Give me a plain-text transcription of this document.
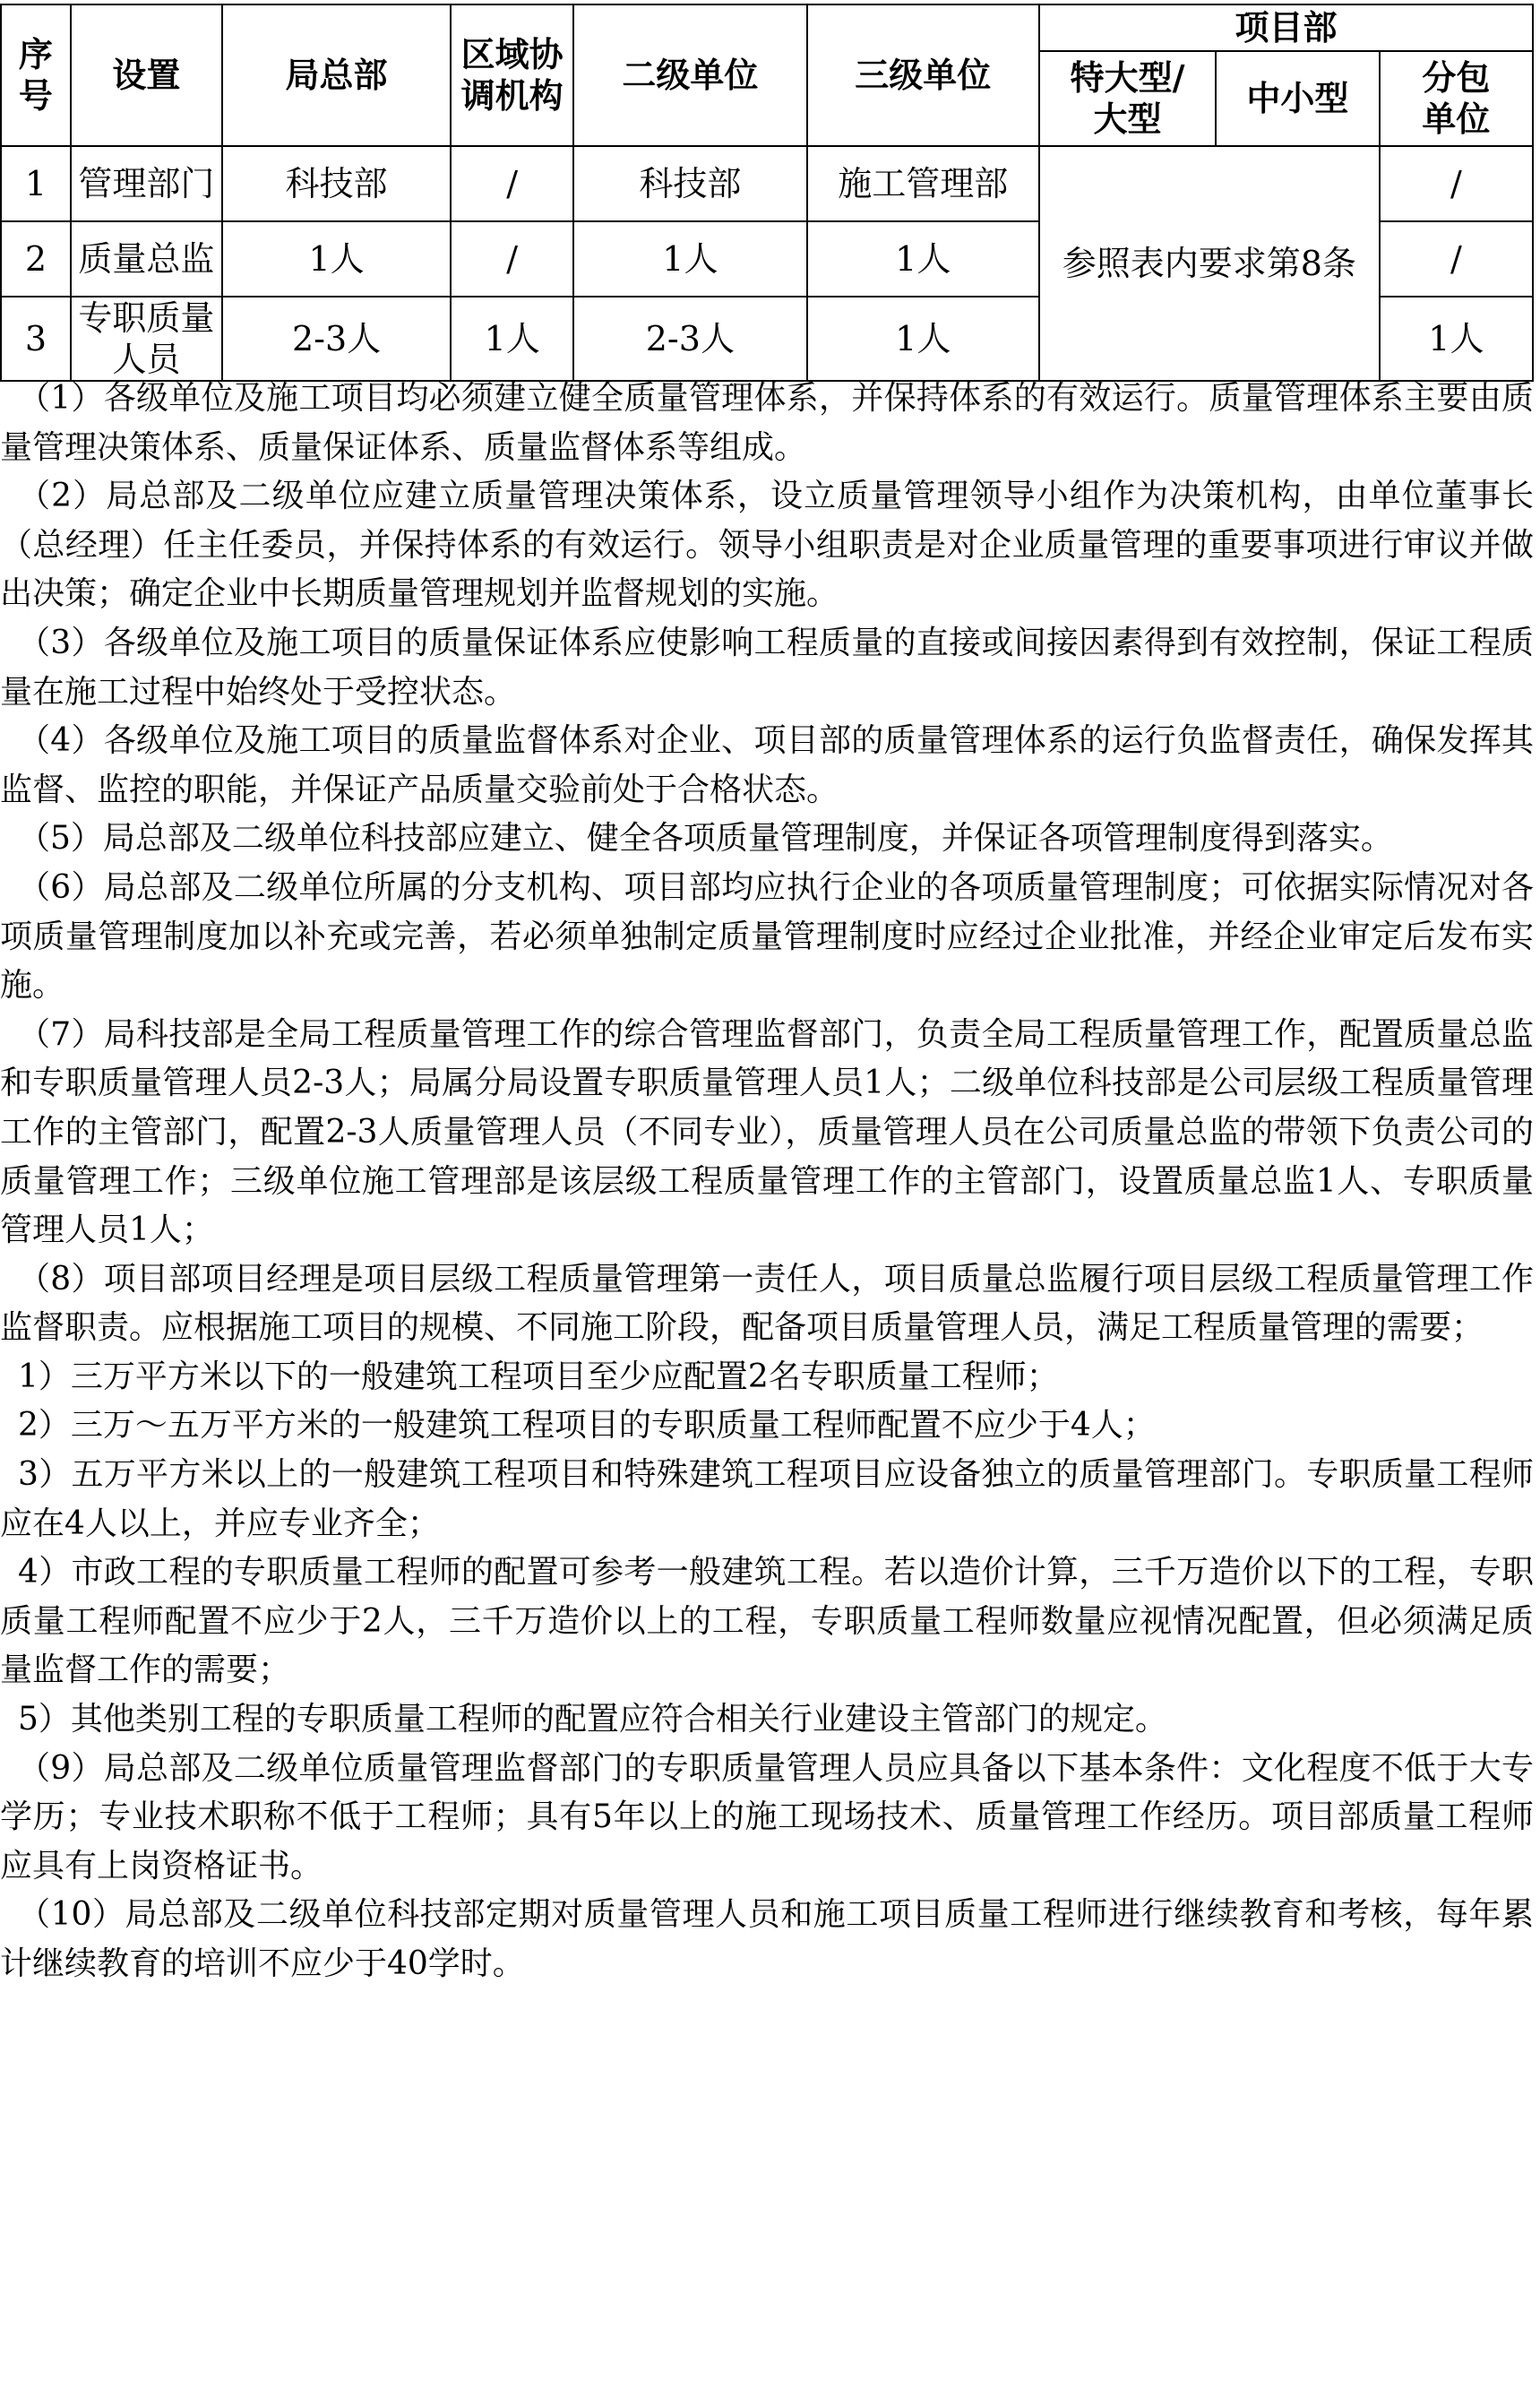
序号	设置	局总部	区域协调机构	二级单位	三级单位	项目部		
						特大型/大型	中小型	分包单位
1	管理部门	科技部	/	科技部	施工管理部	参照表内要求第8条		/
2	质量总监	1人	/	1人	1人			/
3	专职质量人员	2-3人	1人	2-3人	1人			1人

（1）各级单位及施工项目均必须建立健全质量管理体系，并保持体系的有效运行。质量管理体系主要由质量管理决策体系、质量保证体系、质量监督体系等组成。

（2）局总部及二级单位应建立质量管理决策体系，设立质量管理领导小组作为决策机构，由单位董事长（总经理）任主任委员，并保持体系的有效运行。领导小组职责是对企业质量管理的重要事项进行审议并做出决策；确定企业中长期质量管理规划并监督规划的实施。

（3）各级单位及施工项目的质量保证体系应使影响工程质量的直接或间接因素得到有效控制，保证工程质量在施工过程中始终处于受控状态。

（4）各级单位及施工项目的质量监督体系对企业、项目部的质量管理体系的运行负监督责任，确保发挥其监督、监控的职能，并保证产品质量交验前处于合格状态。

（5）局总部及二级单位科技部应建立、健全各项质量管理制度，并保证各项管理制度得到落实。

（6）局总部及二级单位所属的分支机构、项目部均应执行企业的各项质量管理制度；可依据实际情况对各项质量管理制度加以补充或完善，若必须单独制定质量管理制度时应经过企业批准，并经企业审定后发布实施。

（7）局科技部是全局工程质量管理工作的综合管理监督部门，负责全局工程质量管理工作，配置质量总监和专职质量管理人员2-3人；局属分局设置专职质量管理人员1人；二级单位科技部是公司层级工程质量管理工作的主管部门，配置2-3人质量管理人员（不同专业），质量管理人员在公司质量总监的带领下负责公司的质量管理工作；三级单位施工管理部是该层级工程质量管理工作的主管部门，设置质量总监1人、专职质量管理人员1人；

（8）项目部项目经理是项目层级工程质量管理第一责任人，项目质量总监履行项目层级工程质量管理工作监督职责。应根据施工项目的规模、不同施工阶段，配备项目质量管理人员，满足工程质量管理的需要；

1）三万平方米以下的一般建筑工程项目至少应配置2名专职质量工程师；

2）三万～五万平方米的一般建筑工程项目的专职质量工程师配置不应少于4人；

3）五万平方米以上的一般建筑工程项目和特殊建筑工程项目应设备独立的质量管理部门。专职质量工程师应在4人以上，并应专业齐全；

4）市政工程的专职质量工程师的配置可参考一般建筑工程。若以造价计算，三千万造价以下的工程，专职质量工程师配置不应少于2人，三千万造价以上的工程，专职质量工程师数量应视情况配置，但必须满足质量监督工作的需要；

5）其他类别工程的专职质量工程师的配置应符合相关行业建设主管部门的规定。

（9）局总部及二级单位质量管理监督部门的专职质量管理人员应具备以下基本条件：文化程度不低于大专学历；专业技术职称不低于工程师；具有5年以上的施工现场技术、质量管理工作经历。项目部质量工程师应具有上岗资格证书。

（10）局总部及二级单位科技部定期对质量管理人员和施工项目质量工程师进行继续教育和考核，每年累计继续教育的培训不应少于40学时。
